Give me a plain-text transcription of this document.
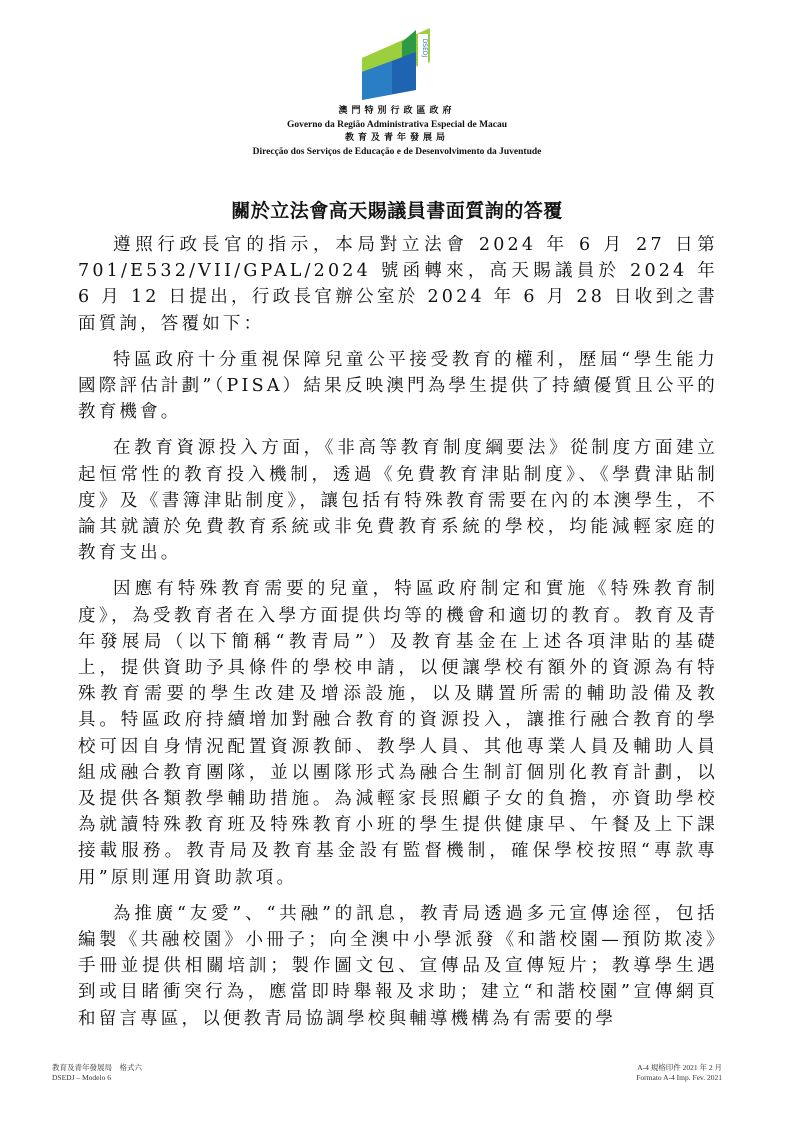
DSEDJ
澳門特別行政區政府
Governo da Região Administrativa Especial de Macau
教育及青年發展局
Direcção dos Serviços de Educação e de Desenvolvimento da Juventude
關於立法會高天賜議員書面質詢的答覆

遵照行政長官的指示，本局對立法會 2024 年 6 月 27 日第 701/E532/VII/GPAL/2024 號函轉來，高天賜議員於 2024 年 6 月 12 日提出，行政長官辦公室於 2024 年 6 月 28 日收到之書面質詢，答覆如下：

特區政府十分重視保障兒童公平接受教育的權利，歷屆“學生能力國際評估計劃”（PISA）結果反映澳門為學生提供了持續優質且公平的教育機會。

在教育資源投入方面，《非高等教育制度綱要法》從制度方面建立起恒常性的教育投入機制，透過《免費教育津貼制度》、《學費津貼制度》及《書簿津貼制度》，讓包括有特殊教育需要在內的本澳學生，不論其就讀於免費教育系統或非免費教育系統的學校，均能減輕家庭的教育支出。

因應有特殊教育需要的兒童，特區政府制定和實施《特殊教育制度》，為受教育者在入學方面提供均等的機會和適切的教育。教育及青年發展局（以下簡稱“教青局”）及教育基金在上述各項津貼的基礎上，提供資助予具條件的學校申請，以便讓學校有額外的資源為有特殊教育需要的學生改建及增添設施，以及購置所需的輔助設備及教具。特區政府持續增加對融合教育的資源投入，讓推行融合教育的學校可因自身情況配置資源教師、教學人員、其他專業人員及輔助人員組成融合教育團隊，並以團隊形式為融合生制訂個別化教育計劃，以及提供各類教學輔助措施。為減輕家長照顧子女的負擔，亦資助學校為就讀特殊教育班及特殊教育小班的學生提供健康早、午餐及上下課接載服務。教青局及教育基金設有監督機制，確保學校按照“專款專用”原則運用資助款項。

為推廣“友愛”、“共融”的訊息，教青局透過多元宣傳途徑，包括編製《共融校園》小冊子；向全澳中小學派發《和諧校園—預防欺凌》手冊並提供相關培訓；製作圖文包、宣傳品及宣傳短片；教導學生遇到或目睹衝突行為，應當即時舉報及求助；建立“和諧校園”宣傳網頁和留言專區，以便教青局協調學校與輔導機構為有需要的學

教育及青年發展局　格式六
DSEDJ – Modelo 6
A-4 規格印件 2021 年 2 月
Formato A-4 Imp. Fev. 2021
